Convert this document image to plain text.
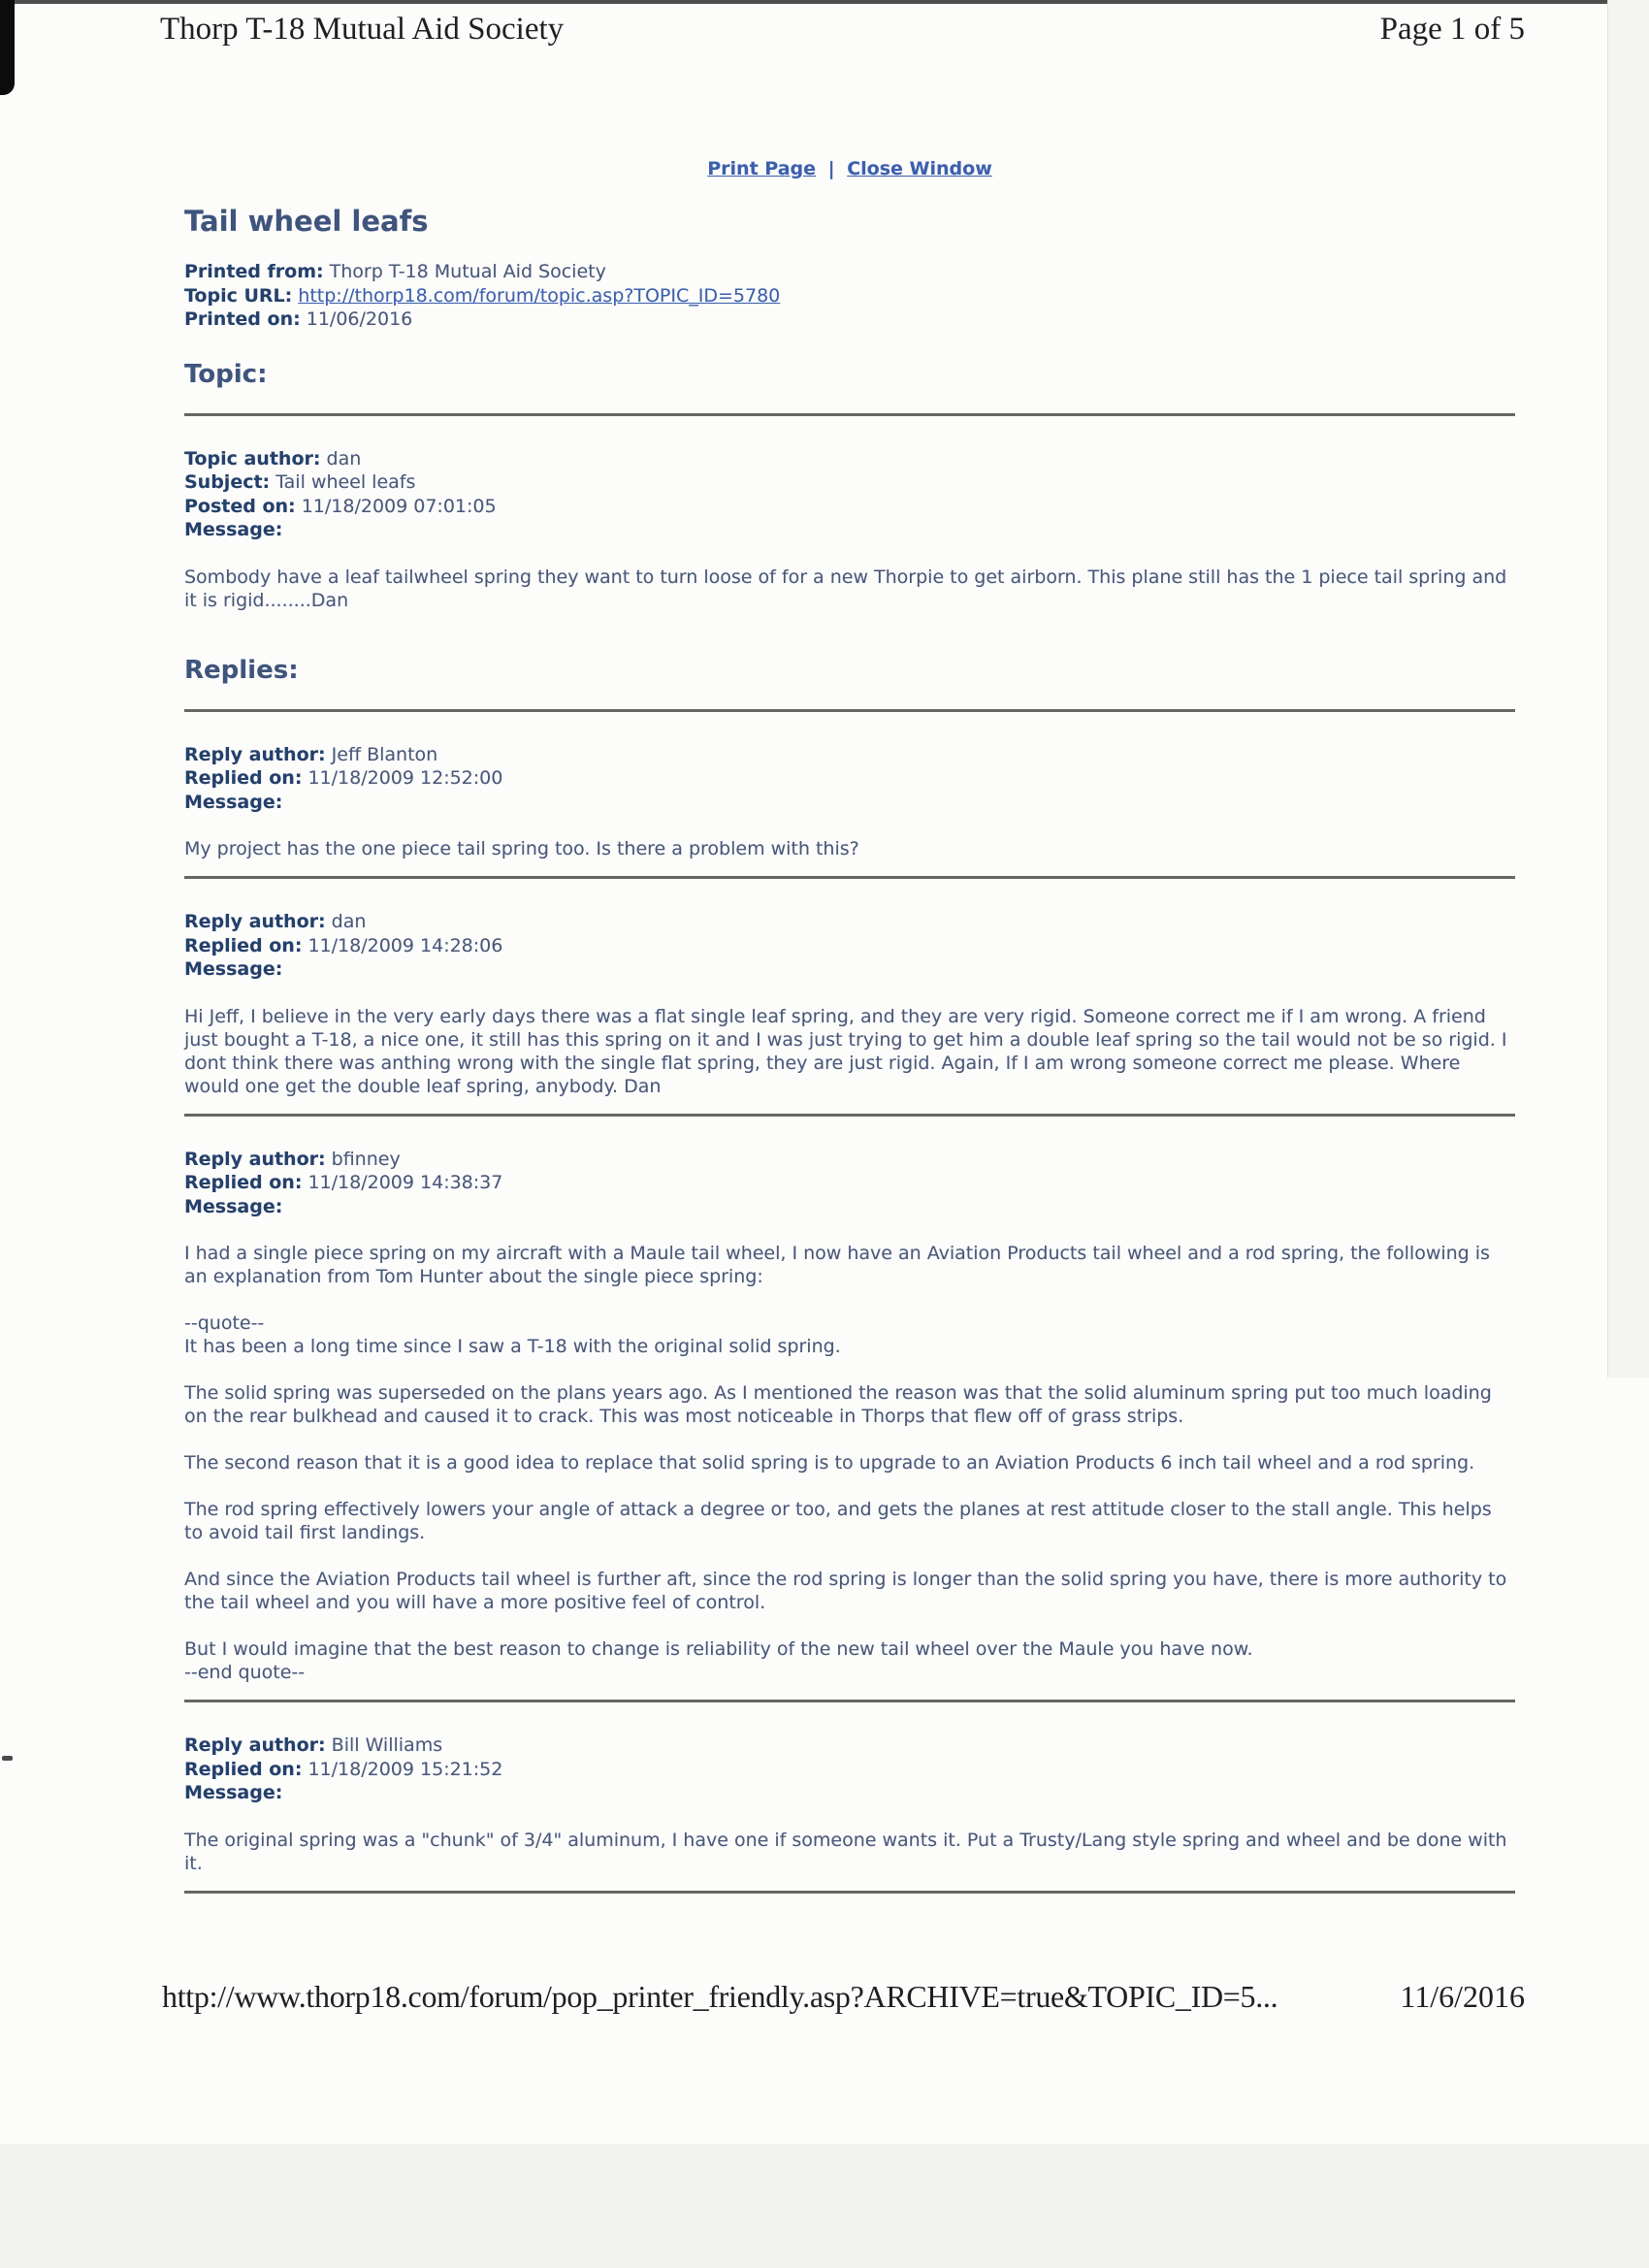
Thorp T-18 Mutual Aid Society	Page 1 of 5
Print Page | Close Window
Tail wheel leafs
Printed from: Thorp T-18 Mutual Aid Society
Topic URL: http://thorp18.com/forum/topic.asp?TOPIC_ID=5780
Printed on: 11/06/2016
Topic:
Topic author: dan
Subject: Tail wheel leafs
Posted on: 11/18/2009 07:01:05
Message:

Sombody have a leaf tailwheel spring they want to turn loose of for a new Thorpie to get airborn. This plane still has the 1 piece tail spring and it is rigid........Dan

Replies:
Reply author: Jeff Blanton
Replied on: 11/18/2009 12:52:00
Message:

My project has the one piece tail spring too. Is there a problem with this?

Reply author: dan
Replied on: 11/18/2009 14:28:06
Message:

Hi Jeff, I believe in the very early days there was a flat single leaf spring, and they are very rigid. Someone correct me if I am wrong. A friend just bought a T-18, a nice one, it still has this spring on it and I was just trying to get him a double leaf spring so the tail would not be so rigid. I dont think there was anthing wrong with the single flat spring, they are just rigid. Again, If I am wrong someone correct me please. Where would one get the double leaf spring, anybody. Dan

Reply author: bfinney
Replied on: 11/18/2009 14:38:37
Message:

I had a single piece spring on my aircraft with a Maule tail wheel, I now have an Aviation Products tail wheel and a rod spring, the following is an explanation from Tom Hunter about the single piece spring:

--quote--
It has been a long time since I saw a T-18 with the original solid spring.

The solid spring was superseded on the plans years ago. As I mentioned the reason was that the solid aluminum spring put too much loading on the rear bulkhead and caused it to crack. This was most noticeable in Thorps that flew off of grass strips.

The second reason that it is a good idea to replace that solid spring is to upgrade to an Aviation Products 6 inch tail wheel and a rod spring.

The rod spring effectively lowers your angle of attack a degree or too, and gets the planes at rest attitude closer to the stall angle. This helps to avoid tail first landings.

And since the Aviation Products tail wheel is further aft, since the rod spring is longer than the solid spring you have, there is more authority to the tail wheel and you will have a more positive feel of control.

But I would imagine that the best reason to change is reliability of the new tail wheel over the Maule you have now.
--end quote--

Reply author: Bill Williams
Replied on: 11/18/2009 15:21:52
Message:

The original spring was a "chunk" of 3/4" aluminum, I have one if someone wants it. Put a Trusty/Lang style spring and wheel and be done with it.

http://www.thorp18.com/forum/pop_printer_friendly.asp?ARCHIVE=true&TOPIC_ID=5...	11/6/2016
